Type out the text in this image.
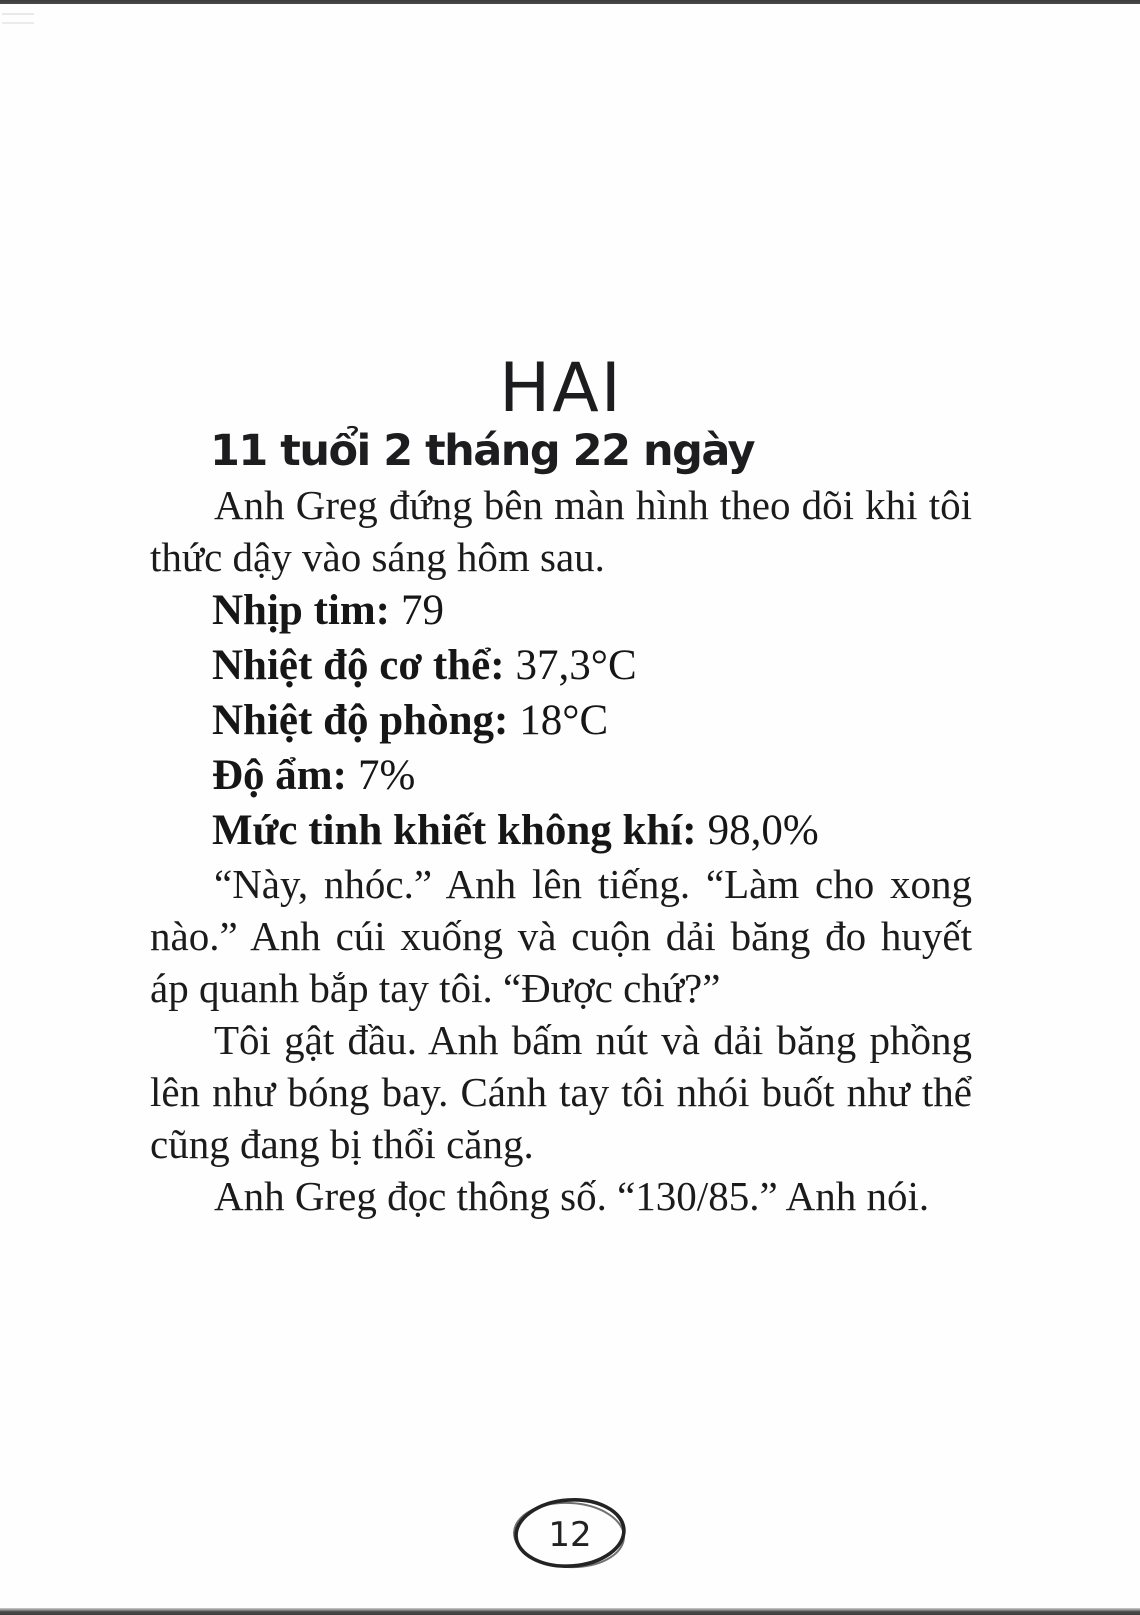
HAI
11 tuổi 2 tháng 22 ngày

Anh Greg đứng bên màn hình theo dõi khi tôi thức dậy vào sáng hôm sau.

Nhịp tim: 79
Nhiệt độ cơ thể: 37,3°C
Nhiệt độ phòng: 18°C
Độ ẩm: 7%
Mức tinh khiết không khí: 98,0%

“Này, nhóc.” Anh lên tiếng. “Làm cho xong nào.” Anh cúi xuống và cuộn dải băng đo huyết áp quanh bắp tay tôi. “Được chứ?”

Tôi gật đầu. Anh bấm nút và dải băng phồng lên như bóng bay. Cánh tay tôi nhói buốt như thể cũng đang bị thổi căng.

Anh Greg đọc thông số. “130/85.” Anh nói.

12
